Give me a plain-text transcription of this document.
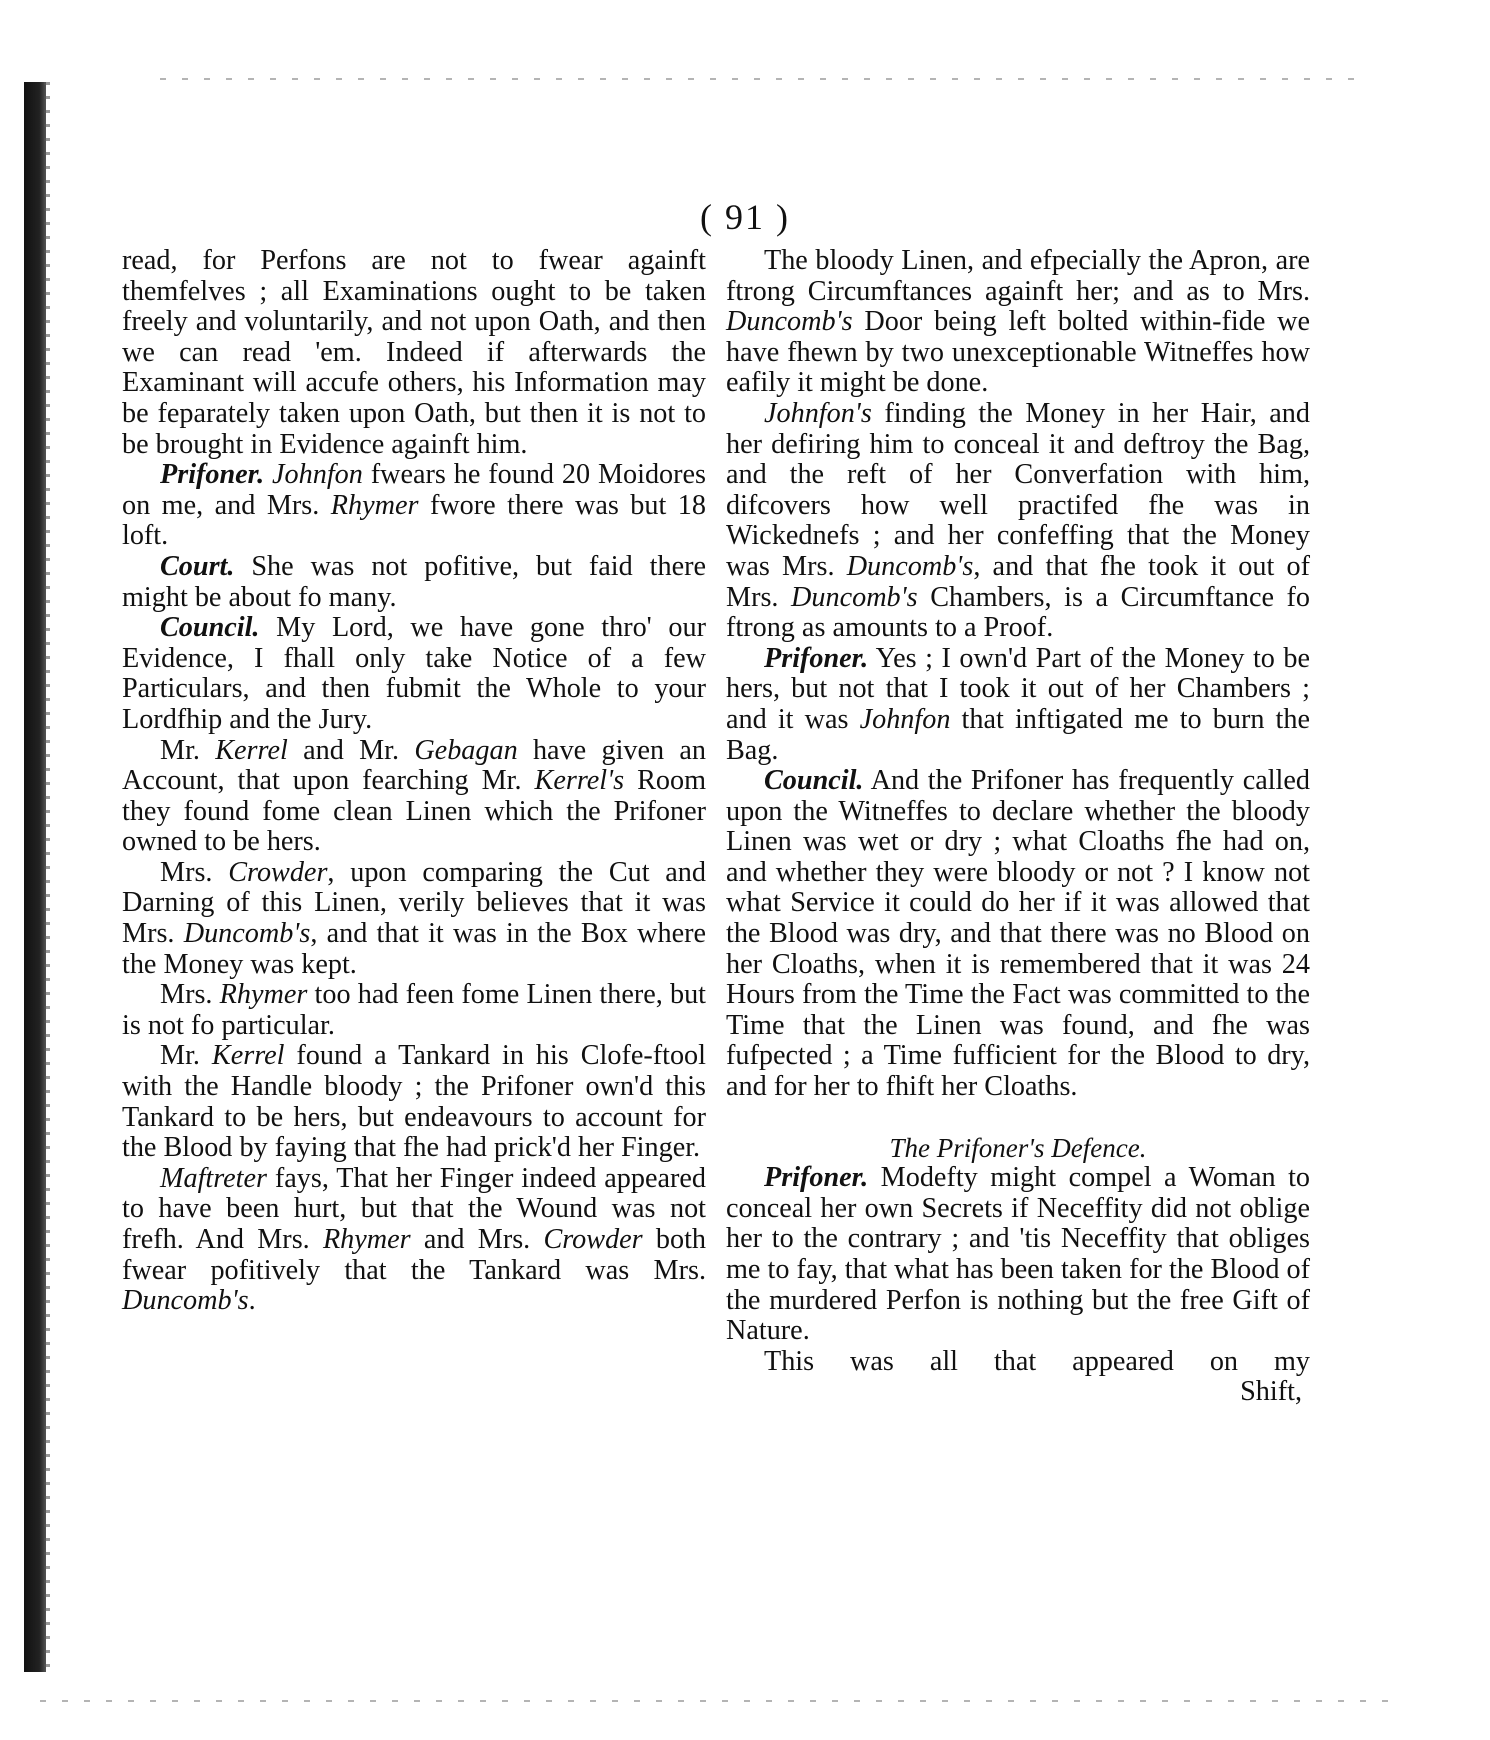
( 91 )

read, for Perfons are not to fwear againft themfelves ; all Examinations ought to be taken freely and voluntarily, and not upon Oath, and then we can read 'em. Indeed if afterwards the Examinant will accufe others, his Information may be feparately taken upon Oath, but then it is not to be brought in Evidence againft him.

Prifoner. Johnfon fwears he found 20 Moidores on me, and Mrs. Rhymer fwore there was but 18 loft.

Court. She was not pofitive, but faid there might be about fo many.

Council. My Lord, we have gone thro' our Evidence, I fhall only take Notice of a few Particulars, and then fubmit the Whole to your Lordfhip and the Jury.

Mr. Kerrel and Mr. Gebagan have given an Account, that upon fearching Mr. Kerrel's Room they found fome clean Linen which the Prifoner owned to be hers.

Mrs. Crowder, upon comparing the Cut and Darning of this Linen, verily believes that it was Mrs. Duncomb's, and that it was in the Box where the Money was kept.

Mrs. Rhymer too had feen fome Linen there, but is not fo particular.

Mr. Kerrel found a Tankard in his Clofe-ftool with the Handle bloody ; the Prifoner own'd this Tankard to be hers, but endeavours to account for the Blood by faying that fhe had prick'd her Finger.

Maftreter fays, That her Finger indeed appeared to have been hurt, but that the Wound was not frefh. And Mrs. Rhymer and Mrs. Crowder both fwear pofitively that the Tankard was Mrs. Duncomb's.

The bloody Linen, and efpecially the Apron, are ftrong Circumftances againft her; and as to Mrs. Duncomb's Door being left bolted within-fide we have fhewn by two unexceptionable Witneffes how eafily it might be done.

Johnfon's finding the Money in her Hair, and her defiring him to conceal it and deftroy the Bag, and the reft of her Converfation with him, difcovers how well practifed fhe was in Wickednefs ; and her confeffing that the Money was Mrs. Duncomb's, and that fhe took it out of Mrs. Duncomb's Chambers, is a Circumftance fo ftrong as amounts to a Proof.

Prifoner. Yes ; I own'd Part of the Money to be hers, but not that I took it out of her Chambers ; and it was Johnfon that inftigated me to burn the Bag.

Council. And the Prifoner has frequently called upon the Witneffes to declare whether the bloody Linen was wet or dry ; what Cloaths fhe had on, and whether they were bloody or not ? I know not what Service it could do her if it was allowed that the Blood was dry, and that there was no Blood on her Cloaths, when it is remembered that it was 24 Hours from the Time the Fact was committed to the Time that the Linen was found, and fhe was fufpected ; a Time fufficient for the Blood to dry, and for her to fhift her Cloaths.

The Prifoner's Defence.

Prifoner. Modefty might compel a Woman to conceal her own Secrets if Neceffity did not oblige her to the contrary ; and 'tis Neceffity that obliges me to fay, that what has been taken for the Blood of the murdered Perfon is nothing but the free Gift of Nature.

This was all that appeared on my

Shift,
